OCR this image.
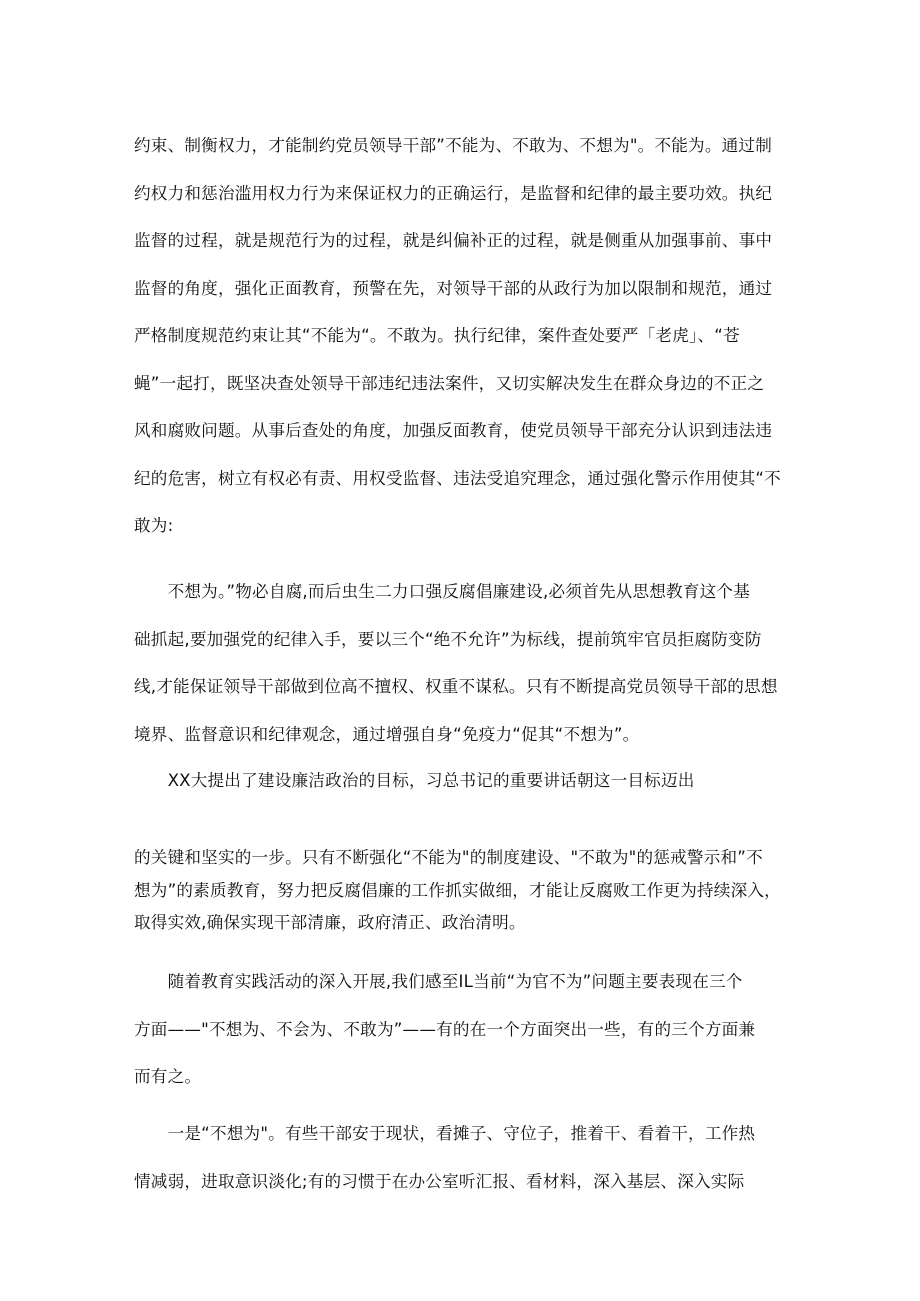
约束、制衡权力，才能制约党员领导干部”不能为、不敢为、不想为"。不能为。通过制
约权力和惩治滥用权力行为来保证权力的正确运行，是监督和纪律的最主要功效。执纪
监督的过程，就是规范行为的过程，就是纠偏补正的过程，就是侧重从加强事前、事中
监督的角度，强化正面教育，预警在先，对领导干部的从政行为加以限制和规范，通过
严格制度规范约束让其“不能为“。不敢为。执行纪律，案件查处要严「老虎」、“苍
蝇”一起打，既坚决查处领导干部违纪违法案件，又切实解决发生在群众身边的不正之
风和腐败问题。从事后查处的角度，加强反面教育，使党员领导干部充分认识到违法违
纪的危害，树立有权必有责、用权受监督、违法受追究理念，通过强化警示作用使其“不
敢为:

　　不想为。”物必自腐,而后虫生二力口强反腐倡廉建设,必须首先从思想教育这个基
础抓起,要加强党的纪律入手，要以三个“绝不允许”为标线，提前筑牢官员拒腐防变防
线,才能保证领导干部做到位高不擅权、权重不谋私。只有不断提高党员领导干部的思想
境界、监督意识和纪律观念，通过增强自身“免疫力“促其“不想为”。

　　XX大提出了建设廉洁政治的目标，习总书记的重要讲话朝这一目标迈出

的关键和坚实的一步。只有不断强化“不能为"的制度建设、"不敢为"的惩戒警示和”不
想为”的素质教育，努力把反腐倡廉的工作抓实做细，才能让反腐败工作更为持续深入，
取得实效,确保实现干部清廉，政府清正、政治清明。

　　随着教育实践活动的深入开展,我们感至IL当前“为官不为”问题主要表现在三个
方面——"不想为、不会为、不敢为”——有的在一个方面突出一些，有的三个方面兼
而有之。

　　一是“不想为"。有些干部安于现状，看摊子、守位子，推着干、看着干，工作热
情减弱，进取意识淡化;有的习惯于在办公室听汇报、看材料，深入基层、深入实际
